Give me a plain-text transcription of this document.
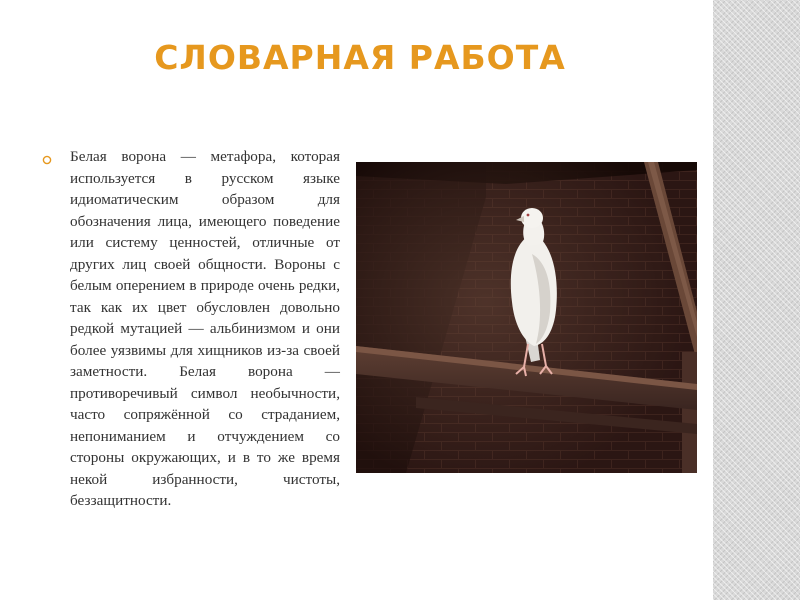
СЛОВАРНАЯ РАБОТА

Белая ворона — метафора, которая используется в русском языке идиоматическим образом для обозначения лица, имеющего поведение или систему ценностей, отличные от других лиц своей общности. Вороны с белым оперением в природе очень редки, так как их цвет обусловлен довольно редкой мутацией — альбинизмом и они более уязвимы для хищников из-за своей заметности. Белая ворона — противоречивый символ необычности, часто сопряжённой со страданием, непониманием и отчуждением со стороны окружающих, и в то же время некой избранности, чистоты, беззащитности.
